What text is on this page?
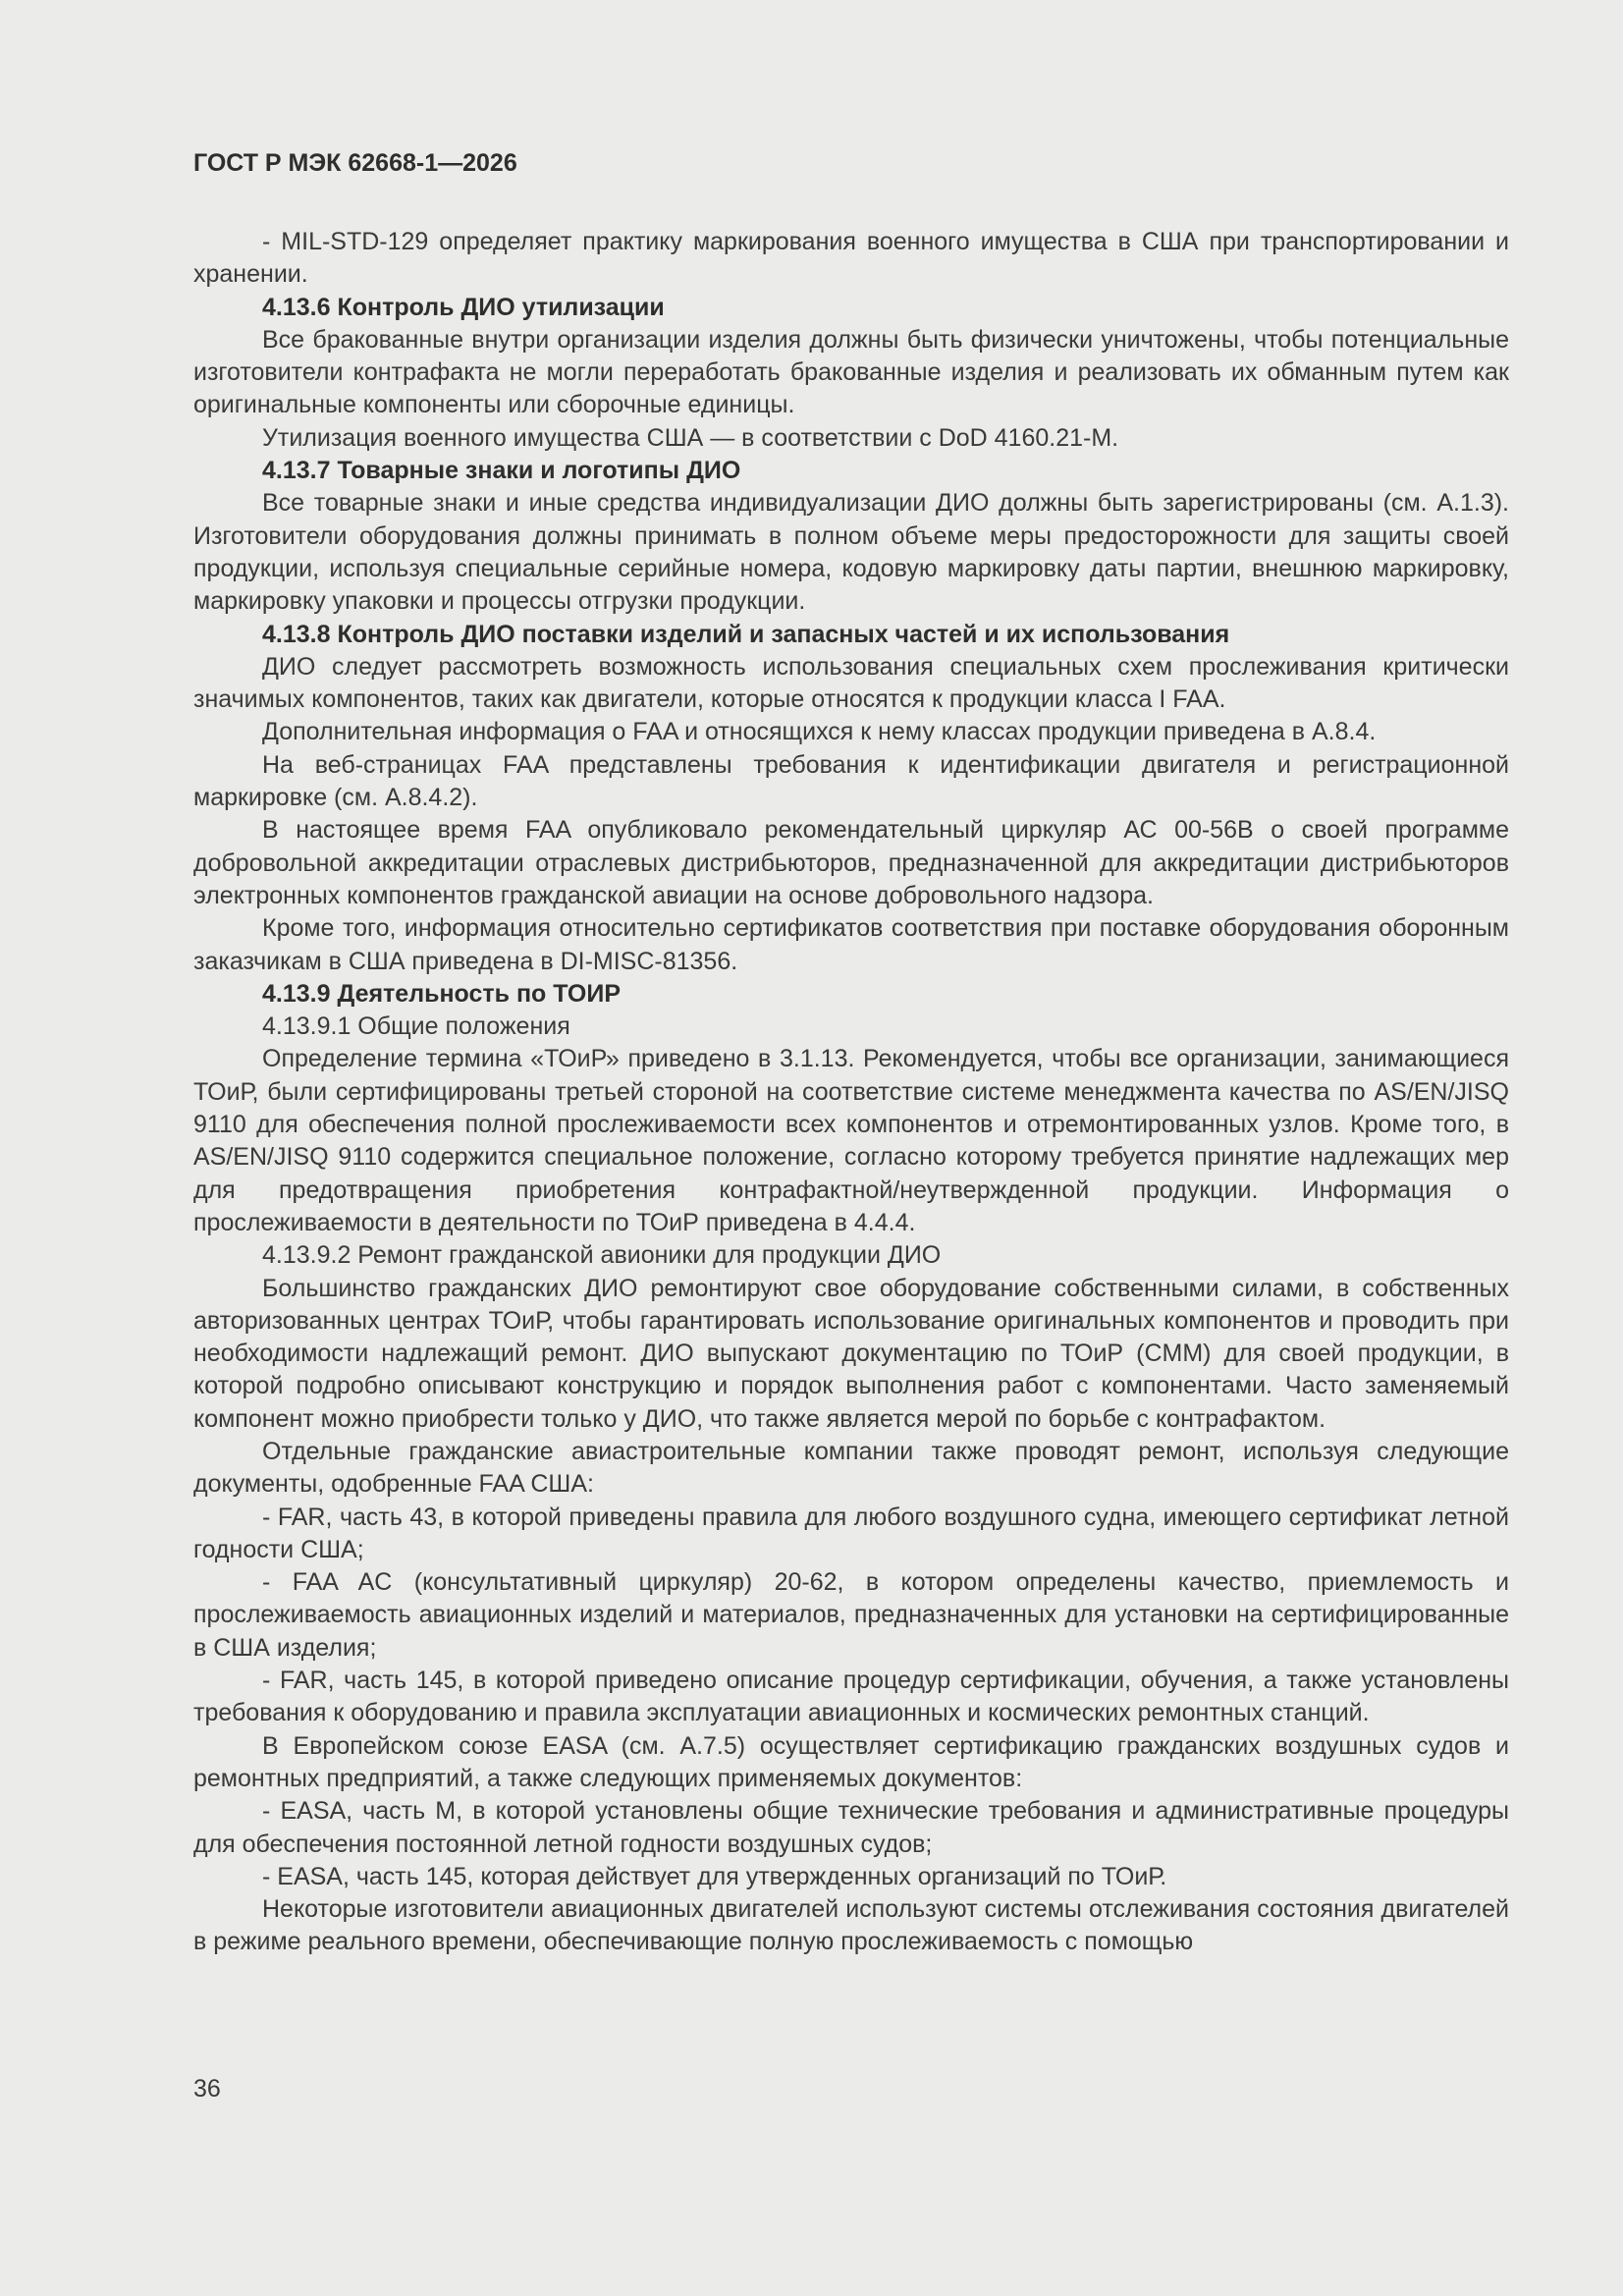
ГОСТ Р МЭК 62668-1—2026

- MIL-STD-129 определяет практику маркирования военного имущества в США при транспортировании и хранении.

4.13.6 Контроль ДИО утилизации

Все бракованные внутри организации изделия должны быть физически уничтожены, чтобы потенциальные изготовители контрафакта не могли переработать бракованные изделия и реализовать их обманным путем как оригинальные компоненты или сборочные единицы.

Утилизация военного имущества США — в соответствии с DoD 4160.21-M.

4.13.7 Товарные знаки и логотипы ДИО

Все товарные знаки и иные средства индивидуализации ДИО должны быть зарегистрированы (см. А.1.3). Изготовители оборудования должны принимать в полном объеме меры предосторожности для защиты своей продукции, используя специальные серийные номера, кодовую маркировку даты партии, внешнюю маркировку, маркировку упаковки и процессы отгрузки продукции.

4.13.8 Контроль ДИО поставки изделий и запасных частей и их использования

ДИО следует рассмотреть возможность использования специальных схем прослеживания критически значимых компонентов, таких как двигатели, которые относятся к продукции класса I FAA.

Дополнительная информация о FAA и относящихся к нему классах продукции приведена в А.8.4.

На веб-страницах FAA представлены требования к идентификации двигателя и регистрационной маркировке (см. А.8.4.2).

В настоящее время FAA опубликовало рекомендательный циркуляр АС 00-56B о своей программе добровольной аккредитации отраслевых дистрибьюторов, предназначенной для аккредитации дистрибьюторов электронных компонентов гражданской авиации на основе добровольного надзора.

Кроме того, информация относительно сертификатов соответствия при поставке оборудования оборонным заказчикам в США приведена в DI-MISC-81356.

4.13.9 Деятельность по ТОИР

4.13.9.1 Общие положения

Определение термина «ТОиР» приведено в 3.1.13. Рекомендуется, чтобы все организации, занимающиеся ТОиР, были сертифицированы третьей стороной на соответствие системе менеджмента качества по AS/EN/JISQ 9110 для обеспечения полной прослеживаемости всех компонентов и отремонтированных узлов. Кроме того, в AS/EN/JISQ 9110 содержится специальное положение, согласно которому требуется принятие надлежащих мер для предотвращения приобретения контрафактной/неутвержденной продукции. Информация о прослеживаемости в деятельности по ТОиР приведена в 4.4.4.

4.13.9.2 Ремонт гражданской авионики для продукции ДИО

Большинство гражданских ДИО ремонтируют свое оборудование собственными силами, в собственных авторизованных центрах ТОиР, чтобы гарантировать использование оригинальных компонентов и проводить при необходимости надлежащий ремонт. ДИО выпускают документацию по ТОиР (CMM) для своей продукции, в которой подробно описывают конструкцию и порядок выполнения работ с компонентами. Часто заменяемый компонент можно приобрести только у ДИО, что также является мерой по борьбе с контрафактом.

Отдельные гражданские авиастроительные компании также проводят ремонт, используя следующие документы, одобренные FAA США:

- FAR, часть 43, в которой приведены правила для любого воздушного судна, имеющего сертификат летной годности США;

- FAA AC (консультативный циркуляр) 20-62, в котором определены качество, приемлемость и прослеживаемость авиационных изделий и материалов, предназначенных для установки на сертифицированные в США изделия;

- FAR, часть 145, в которой приведено описание процедур сертификации, обучения, а также установлены требования к оборудованию и правила эксплуатации авиационных и космических ремонтных станций.

В Европейском союзе EASA (см. А.7.5) осуществляет сертификацию гражданских воздушных судов и ремонтных предприятий, а также следующих применяемых документов:

- EASA, часть M, в которой установлены общие технические требования и административные процедуры для обеспечения постоянной летной годности воздушных судов;

- EASA, часть 145, которая действует для утвержденных организаций по ТОиР.

Некоторые изготовители авиационных двигателей используют системы отслеживания состояния двигателей в режиме реального времени, обеспечивающие полную прослеживаемость с помощью

36
